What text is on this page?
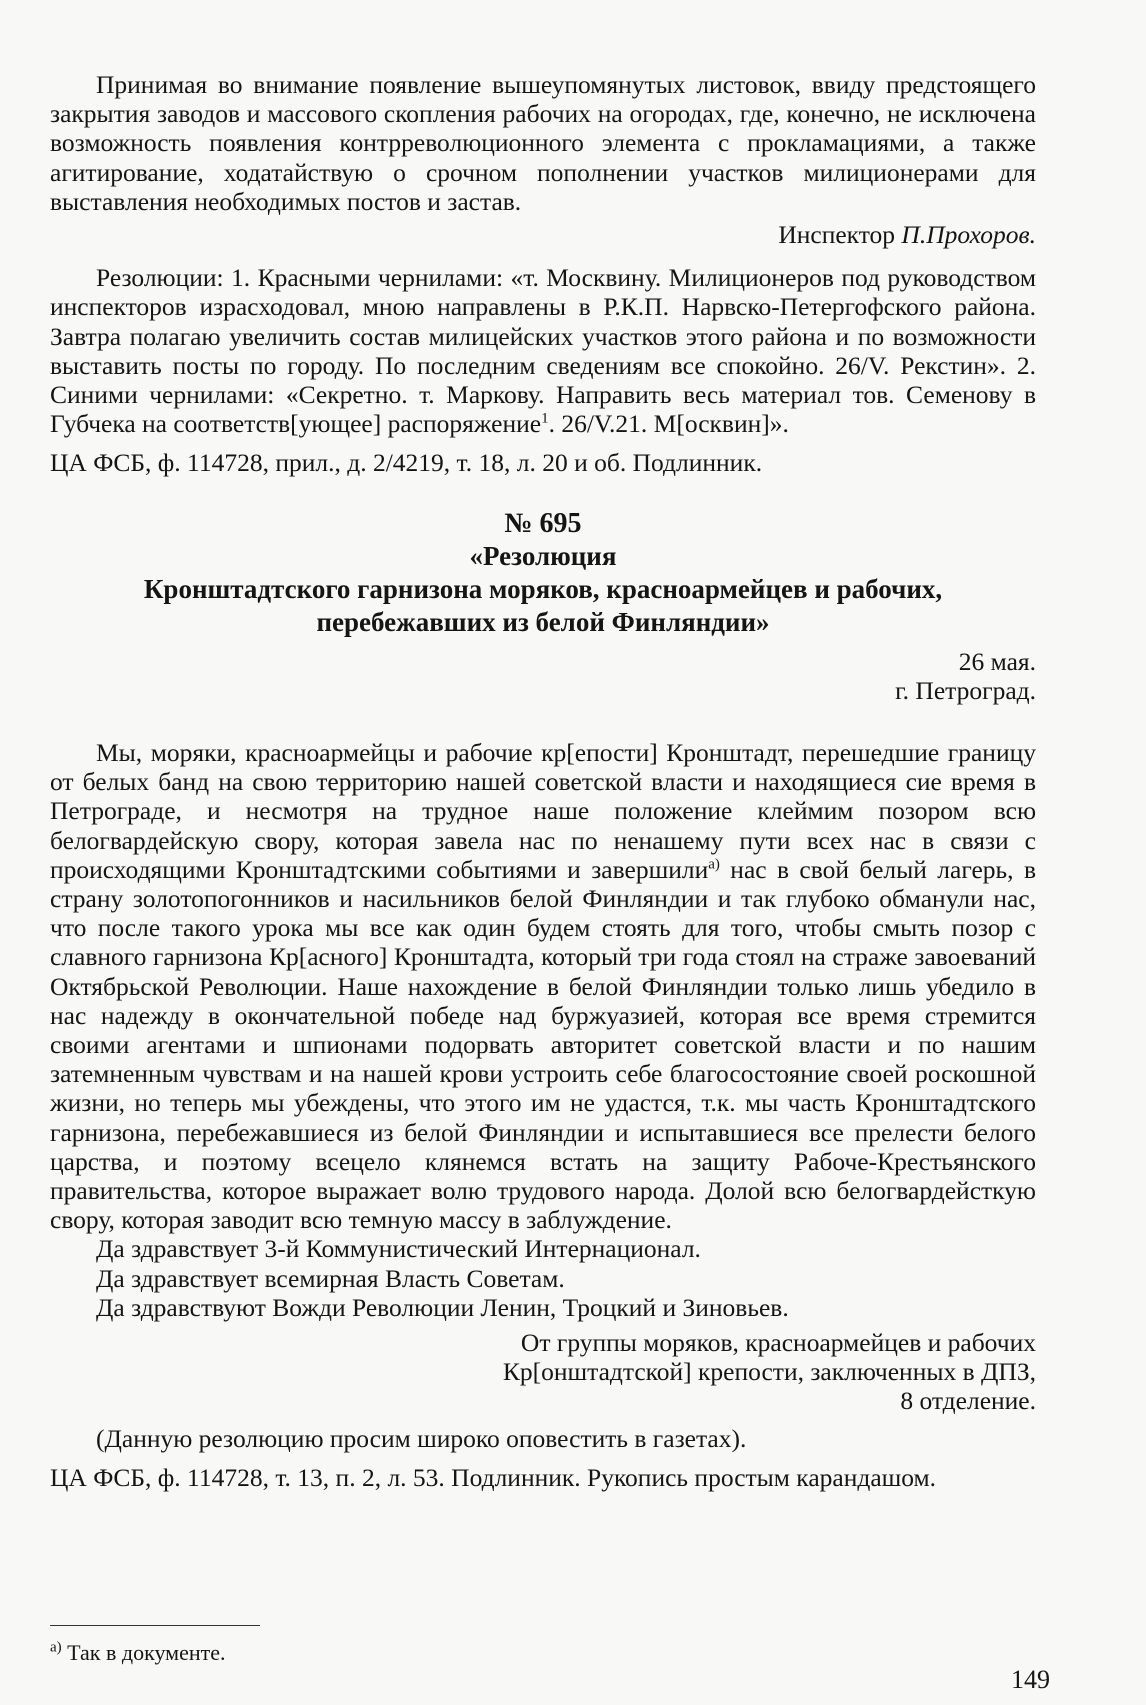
Принимая во внимание появление вышеупомянутых листовок, ввиду предстоящего закрытия заводов и массового скопления рабочих на огородах, где, конечно, не исключена возможность появления контрреволюционного элемента с прокламациями, а также агитирование, ходатайствую о срочном пополнении участков милиционерами для выставления необходимых постов и застав.

Инспектор П.Прохоров.

Резолюции: 1. Красными чернилами: «т. Москвину. Милиционеров под руководством инспекторов израсходовал, мною направлены в Р.К.П. Нарвско-Петергофского района. Завтра полагаю увеличить состав милицейских участков этого района и по возможности выставить посты по городу. По последним сведениям все спокойно. 26/V. Рекстин». 2. Синими чернилами: «Секретно. т. Маркову. Направить весь материал тов. Семенову в Губчека на соответств[ующее] распоряжение$^1$. 26/V.21. М[осквин]».

ЦА ФСБ, ф. 114728, прил., д. 2/4219, т. 18, л. 20 и об. Подлинник.

№ 695

«Резолюция

Кронштадтского гарнизона моряков, красноармейцев и рабочих,

перебежавших из белой Финляндии»

26 мая.

г. Петроград.

Мы, моряки, красноармейцы и рабочие кр[епости] Кронштадт, перешедшие границу от белых банд на свою территорию нашей советской власти и находящиеся сие время в Петрограде, и несмотря на трудное наше положение клеймим позором всю белогвардейскую свору, которая завела нас по ненашему пути всех нас в связи с происходящими Кронштадтскими событиями и завершили$^{а)}$ нас в свой белый лагерь, в страну золотопогонников и насильников белой Финляндии и так глубоко обманули нас, что после такого урока мы все как один будем стоять для того, чтобы смыть позор с славного гарнизона Кр[асного] Кронштадта, который три года стоял на страже завоеваний Октябрьской Революции. Наше нахождение в белой Финляндии только лишь убедило в нас надежду в окончательной победе над буржуазией, которая все время стремится своими агентами и шпионами подорвать авторитет советской власти и по нашим затемненным чувствам и на нашей крови устроить себе благосостояние своей роскошной жизни, но теперь мы убеждены, что этого им не удастся, т.к. мы часть Кронштадтского гарнизона, перебежавшиеся из белой Финляндии и испытавшиеся все прелести белого царства, и поэтому всецело клянемся встать на защиту Рабоче-Крестьянского правительства, которое выражает волю трудового народа. Долой всю белогвардейсткую свору, которая заводит всю темную массу в заблуждение.

Да здравствует 3-й Коммунистический Интернационал.

Да здравствует всемирная Власть Советам.

Да здравствуют Вожди Революции Ленин, Троцкий и Зиновьев.

От группы моряков, красноармейцев и рабочих

Кр[онштадтской] крепости, заключенных в ДПЗ,

8 отделение.

(Данную резолюцию просим широко оповестить в газетах).

ЦА ФСБ, ф. 114728, т. 13, п. 2, л. 53. Подлинник. Рукопись простым карандашом.

$^{а)}$ Так в документе.
149
